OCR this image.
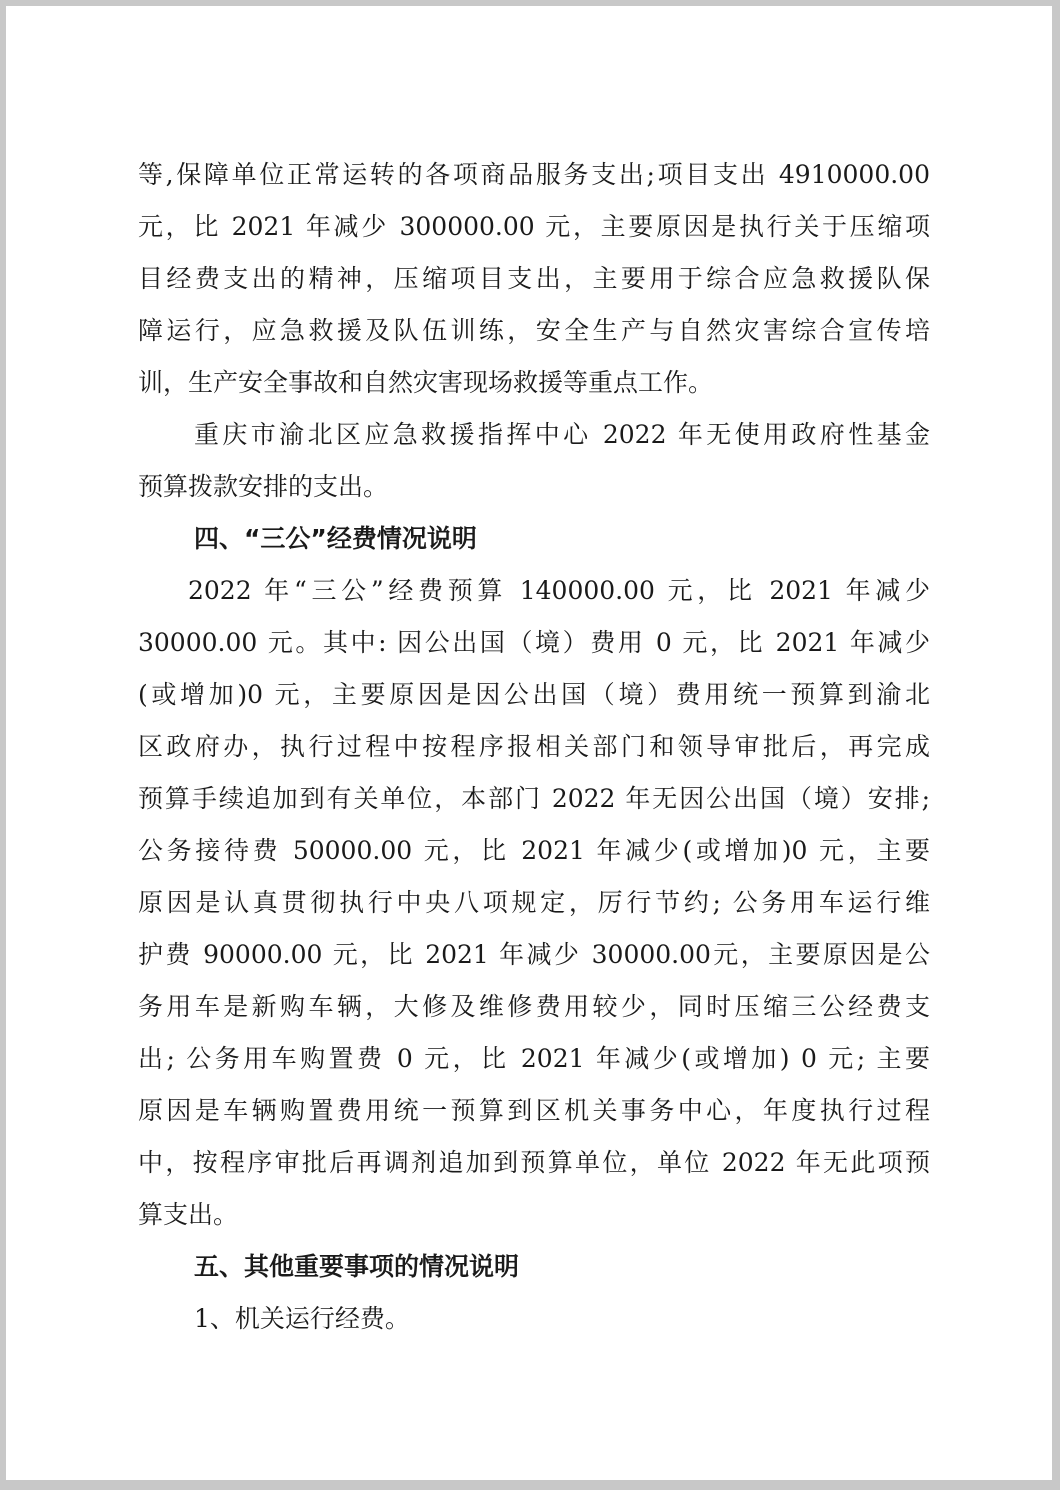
等,保障单位正常运转的各项商品服务支出;项目支出 4910000.00
元，比 2021 年减少 300000.00 元，主要原因是执行关于压缩项
目经费支出的精神，压缩项目支出，主要用于综合应急救援队保
障运行，应急救援及队伍训练，安全生产与自然灾害综合宣传培
训，生产安全事故和自然灾害现场救援等重点工作。
重庆市渝北区应急救援指挥中心 2022 年无使用政府性基金
预算拨款安排的支出。
四、“三公”经费情况说明
2022 年“三公”经费预算 140000.00 元，比 2021 年减少
30000.00 元。其中: 因公出国（境）费用 0 元，比 2021 年减少
(或增加)0 元，主要原因是因公出国（境）费用统一预算到渝北
区政府办，执行过程中按程序报相关部门和领导审批后，再完成
预算手续追加到有关单位，本部门 2022 年无因公出国（境）安排;
公务接待费 50000.00 元，比 2021 年减少(或增加)0 元，主要
原因是认真贯彻执行中央八项规定，厉行节约; 公务用车运行维
护费 90000.00 元，比 2021 年减少 30000.00元，主要原因是公
务用车是新购车辆，大修及维修费用较少，同时压缩三公经费支
出; 公务用车购置费 0 元，比 2021 年减少(或增加) 0 元; 主要
原因是车辆购置费用统一预算到区机关事务中心，年度执行过程
中，按程序审批后再调剂追加到预算单位，单位 2022 年无此项预
算支出。
五、其他重要事项的情况说明
1、机关运行经费。
